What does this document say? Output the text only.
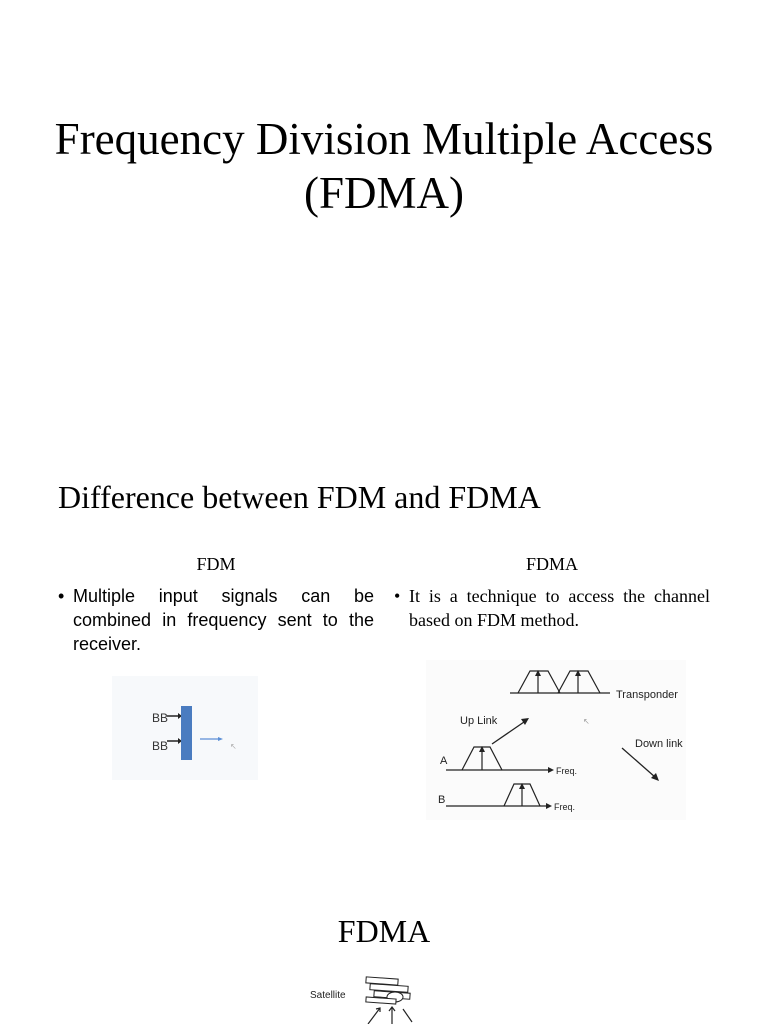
Frequency Division Multiple Access (FDMA)
Difference between FDM and FDMA
FDM	FDMA
• Multiple input signals can be combined in frequency sent to the receiver.
• It is a technique to access the channel based on FDM method.
BB
BB	↖
Transponder
Up Link	↖
Down link
A
Freq.
B
Freq.
FDMA
Satellite
